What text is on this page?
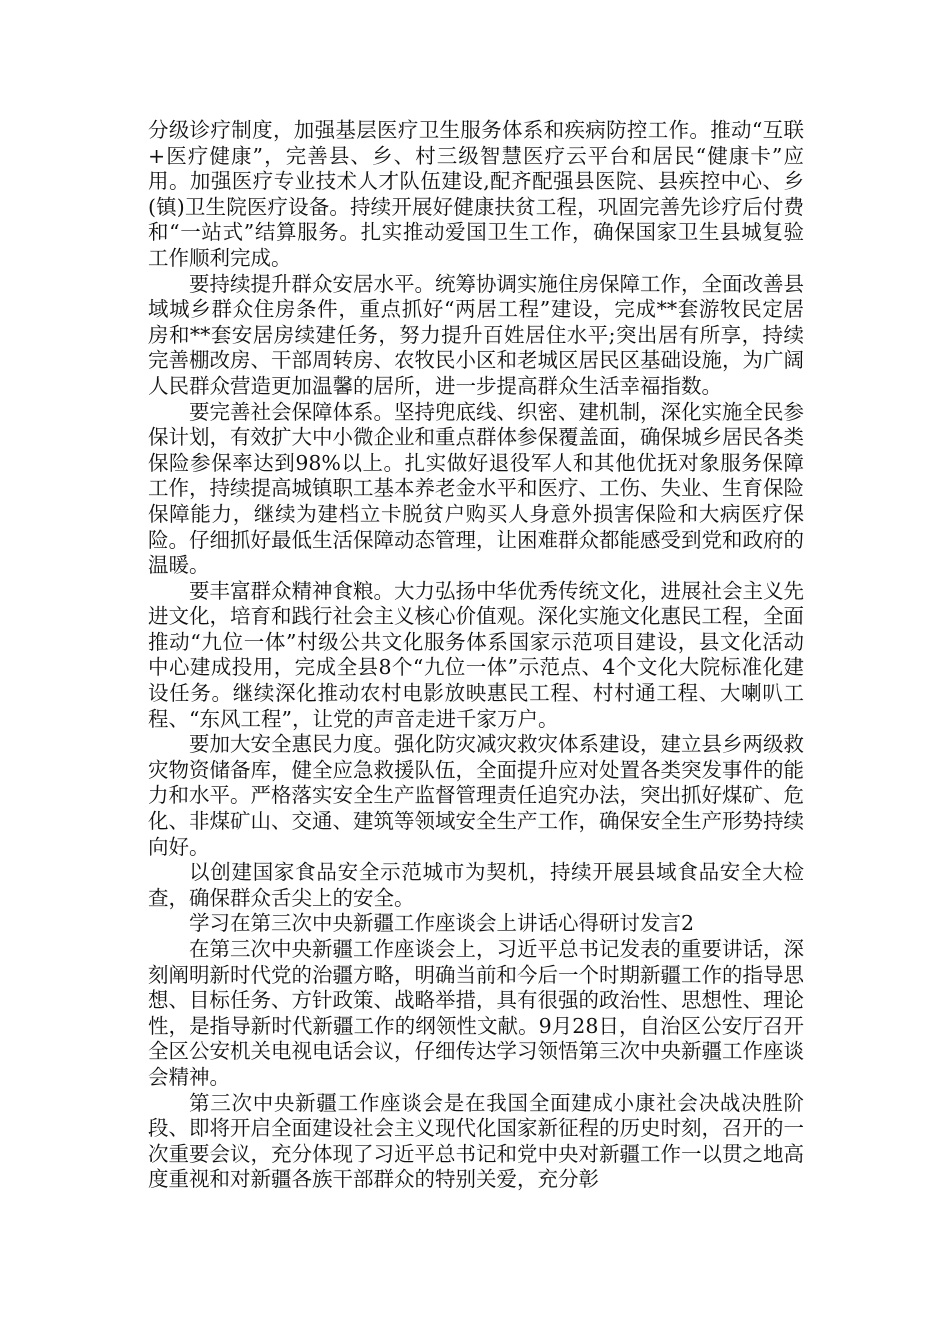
分级诊疗制度，加强基层医疗卫生服务体系和疾病防控工作。推动“互联+医疗健康”，完善县、乡、村三级智慧医疗云平台和居民“健康卡”应用。加强医疗专业技术人才队伍建设,配齐配强县医院、县疾控中心、乡(镇)卫生院医疗设备。持续开展好健康扶贫工程，巩固完善先诊疗后付费和“一站式”结算服务。扎实推动爱国卫生工作，确保国家卫生县城复验工作顺利完成。

要持续提升群众安居水平。统筹协调实施住房保障工作，全面改善县域城乡群众住房条件，重点抓好“两居工程”建设，完成**套游牧民定居房和**套安居房续建任务，努力提升百姓居住水平;突出居有所享，持续完善棚改房、干部周转房、农牧民小区和老城区居民区基础设施，为广阔人民群众营造更加温馨的居所，进一步提高群众生活幸福指数。

要完善社会保障体系。坚持兜底线、织密、建机制，深化实施全民参保计划，有效扩大中小微企业和重点群体参保覆盖面，确保城乡居民各类保险参保率达到98%以上。扎实做好退役军人和其他优抚对象服务保障工作，持续提高城镇职工基本养老金水平和医疗、工伤、失业、生育保险保障能力，继续为建档立卡脱贫户购买人身意外损害保险和大病医疗保险。仔细抓好最低生活保障动态管理，让困难群众都能感受到党和政府的温暖。

要丰富群众精神食粮。大力弘扬中华优秀传统文化，进展社会主义先进文化，培育和践行社会主义核心价值观。深化实施文化惠民工程，全面推动“九位一体”村级公共文化服务体系国家示范项目建设，县文化活动中心建成投用，完成全县8个“九位一体”示范点、4个文化大院标准化建设任务。继续深化推动农村电影放映惠民工程、村村通工程、大喇叭工程、“东风工程”，让党的声音走进千家万户。

要加大安全惠民力度。强化防灾减灾救灾体系建设，建立县乡两级救灾物资储备库，健全应急救援队伍，全面提升应对处置各类突发事件的能力和水平。严格落实安全生产监督管理责任追究办法，突出抓好煤矿、危化、非煤矿山、交通、建筑等领域安全生产工作，确保安全生产形势持续向好。

以创建国家食品安全示范城市为契机，持续开展县域食品安全大检查，确保群众舌尖上的安全。

学习在第三次中央新疆工作座谈会上讲话心得研讨发言2

在第三次中央新疆工作座谈会上，习近平总书记发表的重要讲话，深刻阐明新时代党的治疆方略，明确当前和今后一个时期新疆工作的指导思想、目标任务、方针政策、战略举措，具有很强的政治性、思想性、理论性，是指导新时代新疆工作的纲领性文献。9月28日，自治区公安厅召开全区公安机关电视电话会议，仔细传达学习领悟第三次中央新疆工作座谈会精神。

第三次中央新疆工作座谈会是在我国全面建成小康社会决战决胜阶段、即将开启全面建设社会主义现代化国家新征程的历史时刻，召开的一次重要会议，充分体现了习近平总书记和党中央对新疆工作一以贯之地高度重视和对新疆各族干部群众的特别关爱，充分彰
